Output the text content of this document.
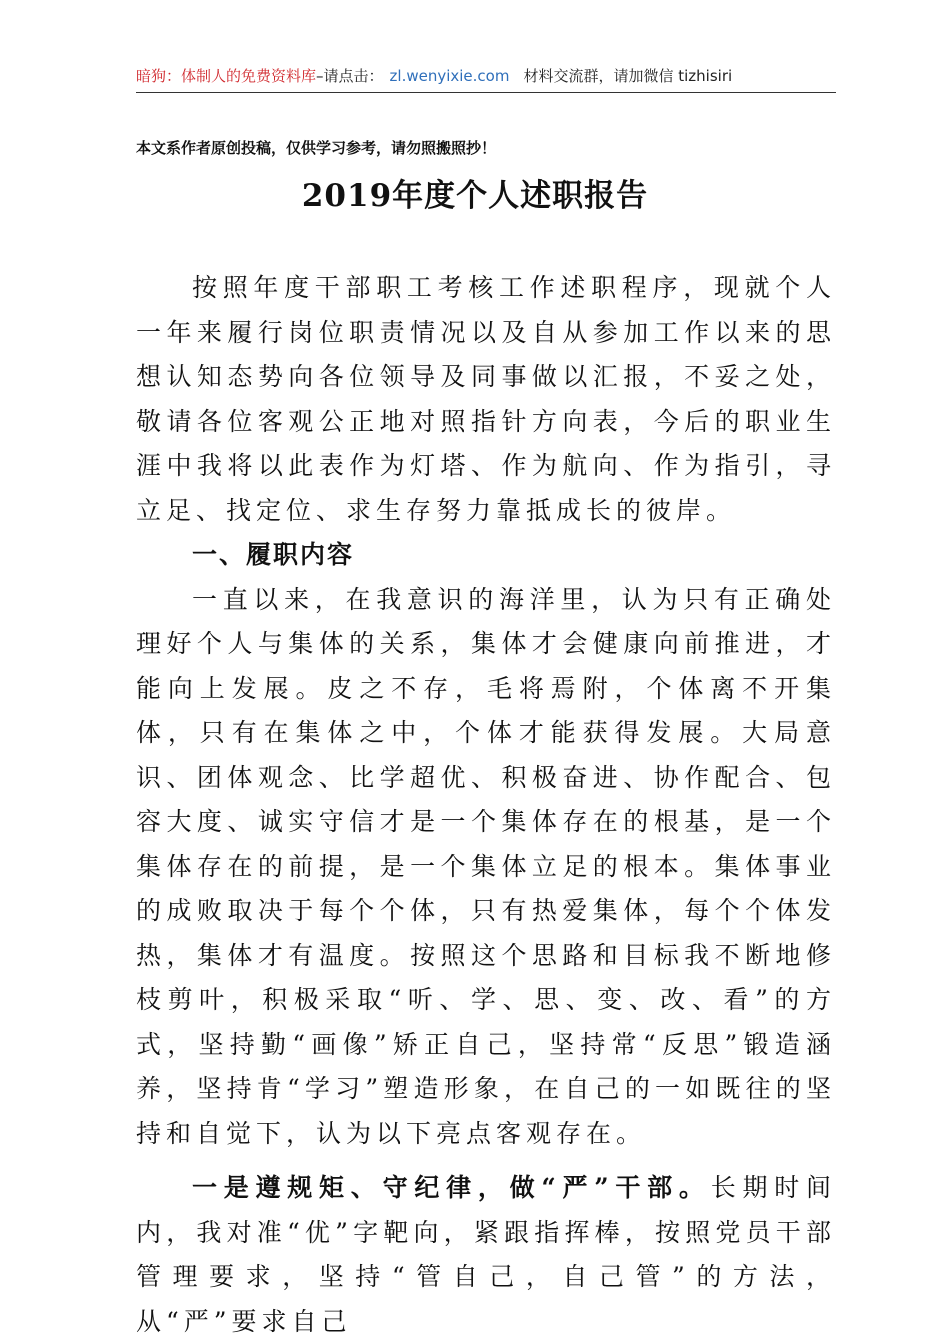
暗狗：体制人的免费资料库–请点击： zl.wenyixie.com 材料交流群，请加微信 tizhisiri
本文系作者原创投稿，仅供学习参考，请勿照搬照抄！
2019年度个人述职报告

按照年度干部职工考核工作述职程序，现就个人一年来履行岗位职责情况以及自从参加工作以来的思想认知态势向各位领导及同事做以汇报，不妥之处，敬请各位客观公正地对照指针方向表，今后的职业生涯中我将以此表作为灯塔、作为航向、作为指引，寻立足、找定位、求生存努力靠抵成长的彼岸。

一、履职内容

一直以来，在我意识的海洋里，认为只有正确处理好个人与集体的关系，集体才会健康向前推进，才能向上发展。皮之不存，毛将焉附，个体离不开集体，只有在集体之中，个体才能获得发展。大局意识、团体观念、比学超优、积极奋进、协作配合、包容大度、诚实守信才是一个集体存在的根基，是一个集体存在的前提，是一个集体立足的根本。集体事业的成败取决于每个个体，只有热爱集体，每个个体发热，集体才有温度。按照这个思路和目标我不断地修枝剪叶，积极采取“听、学、思、变、改、看”的方式，坚持勤“画像”矫正自己，坚持常“反思”锻造涵养，坚持肯“学习”塑造形象，在自己的一如既往的坚持和自觉下，认为以下亮点客观存在。

一是遵规矩、守纪律，做“严”干部。长期时间内，我对准“优”字靶向，紧跟指挥棒，按照党员干部管理要求，坚持“管自己，自己管”的方法，从“严”要求自己
